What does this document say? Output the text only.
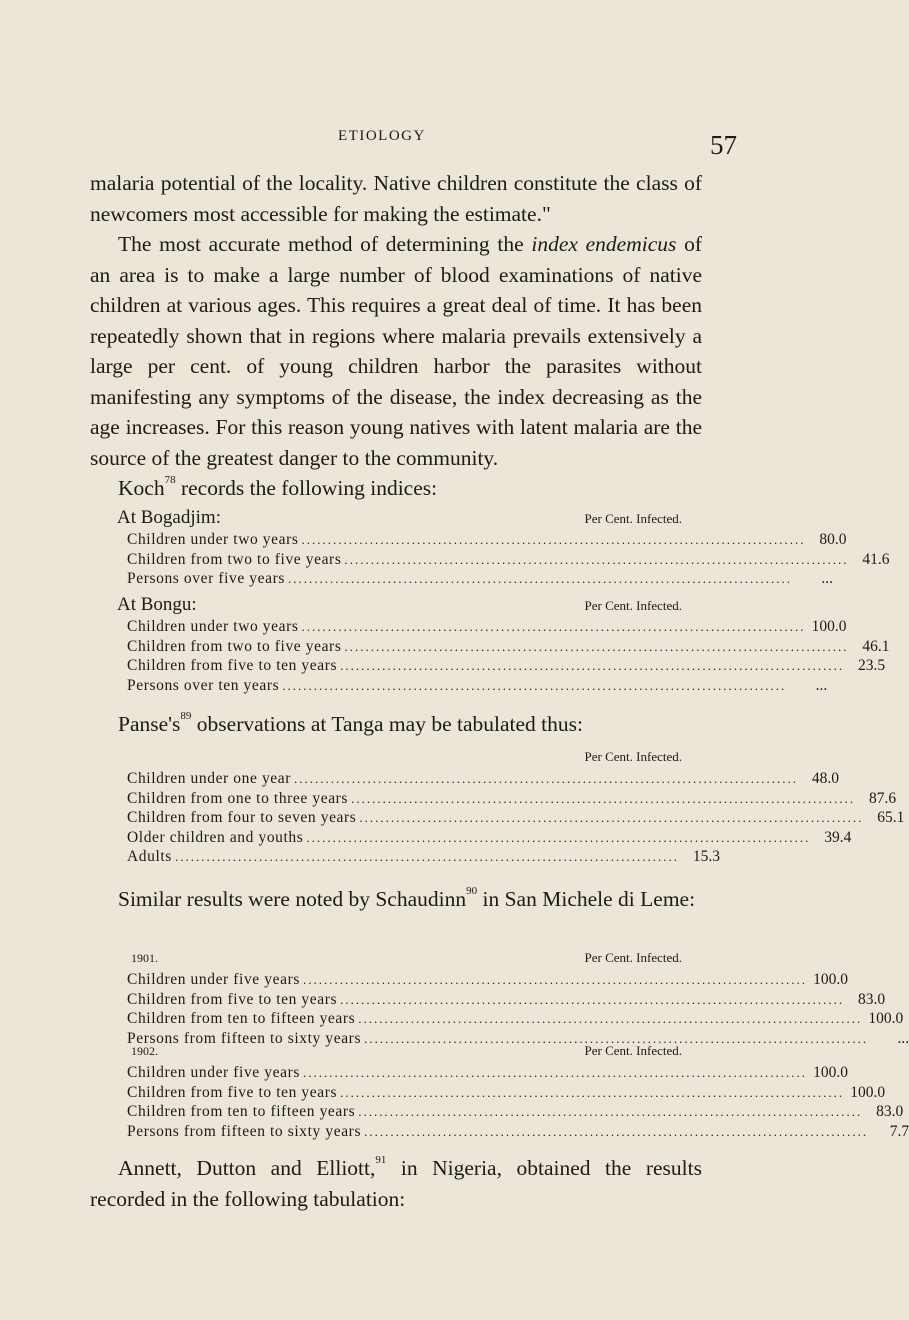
ETIOLOGY	57

malaria potential of the locality. Native children constitute the class of newcomers most accessible for making the estimate."

The most accurate method of determining the index endemicus of an area is to make a large number of blood examinations of native children at various ages. This requires a great deal of time. It has been repeatedly shown that in regions where malaria prevails extensively a large per cent. of young children harbor the parasites without manifesting any symptoms of the disease, the index decreasing as the age increases. For this reason young natives with latent malaria are the source of the greatest danger to the community.

Koch$^{78}$ records the following indices:

At Bogadjim:	Per Cent. Infected.
Children under two years ................................................................................................ 80.0
Children from two to five years ................................................................................................ 41.6
Persons over five years ................................................................................................	...
At Bongu:	Per Cent. Infected.
Children under two years ................................................................................................ 100.0
Children from two to five years ................................................................................................ 46.1
Children from five to ten years ................................................................................................ 23.5
Persons over ten years ................................................................................................	...

$Panse's^{89}$ observations at Tanga may be tabulated thus:

Per Cent. Infected.
Children under one year ................................................................................................ 48.0
Children from one to three years ................................................................................................ 87.6
Children from four to seven years ................................................................................................ 65.1
Older children and youths ................................................................................................ 39.4
Adults ................................................................................................ 15.3

Similar results were noted by Schaudinn$^{90}$ in San Michele di Leme:

1901.	Per Cent. Infected.
Children under five years ................................................................................................ 100.0
Children from five to ten years ................................................................................................ 83.0
Children from ten to fifteen years ................................................................................................ 100.0
Persons from fifteen to sixty years ................................................................................................	...
1902.	Per Cent. Infected.
Children under five years ................................................................................................ 100.0
Children from five to ten years ................................................................................................ 100.0
Children from ten to fifteen years ................................................................................................ 83.0
Persons from fifteen to sixty years ................................................................................................	7.7

Annett, Dutton and Elliott,$^{91}$ in Nigeria, obtained the results recorded in the following tabulation:
